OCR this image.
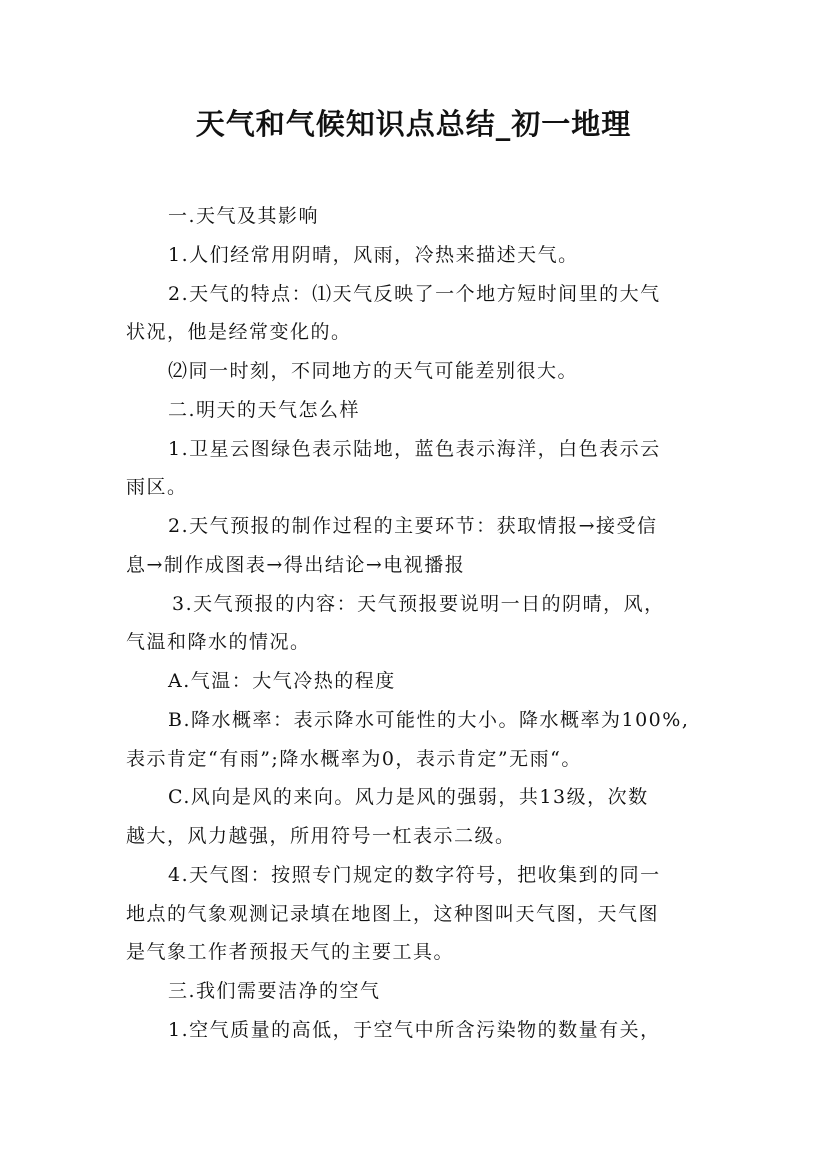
天气和气候知识点总结_初一地理
一.天气及其影响
1.人们经常用阴晴，风雨，冷热来描述天气。
2.天气的特点：⑴天气反映了一个地方短时间里的大气
状况，他是经常变化的。
⑵同一时刻，不同地方的天气可能差别很大。
二.明天的天气怎么样
1.卫星云图绿色表示陆地，蓝色表示海洋，白色表示云
雨区。
2.天气预报的制作过程的主要环节：获取情报→接受信
息→制作成图表→得出结论→电视播报
3.天气预报的内容：天气预报要说明一日的阴晴，风，
气温和降水的情况。
A.气温：大气冷热的程度
B.降水概率：表示降水可能性的大小。降水概率为100%,
表示肯定“有雨”;降水概率为0，表示肯定”无雨“。
C.风向是风的来向。风力是风的强弱，共13级，次数
越大，风力越强，所用符号一杠表示二级。
4.天气图：按照专门规定的数字符号，把收集到的同一
地点的气象观测记录填在地图上，这种图叫天气图，天气图
是气象工作者预报天气的主要工具。
三.我们需要洁净的空气
1.空气质量的高低，于空气中所含污染物的数量有关，
